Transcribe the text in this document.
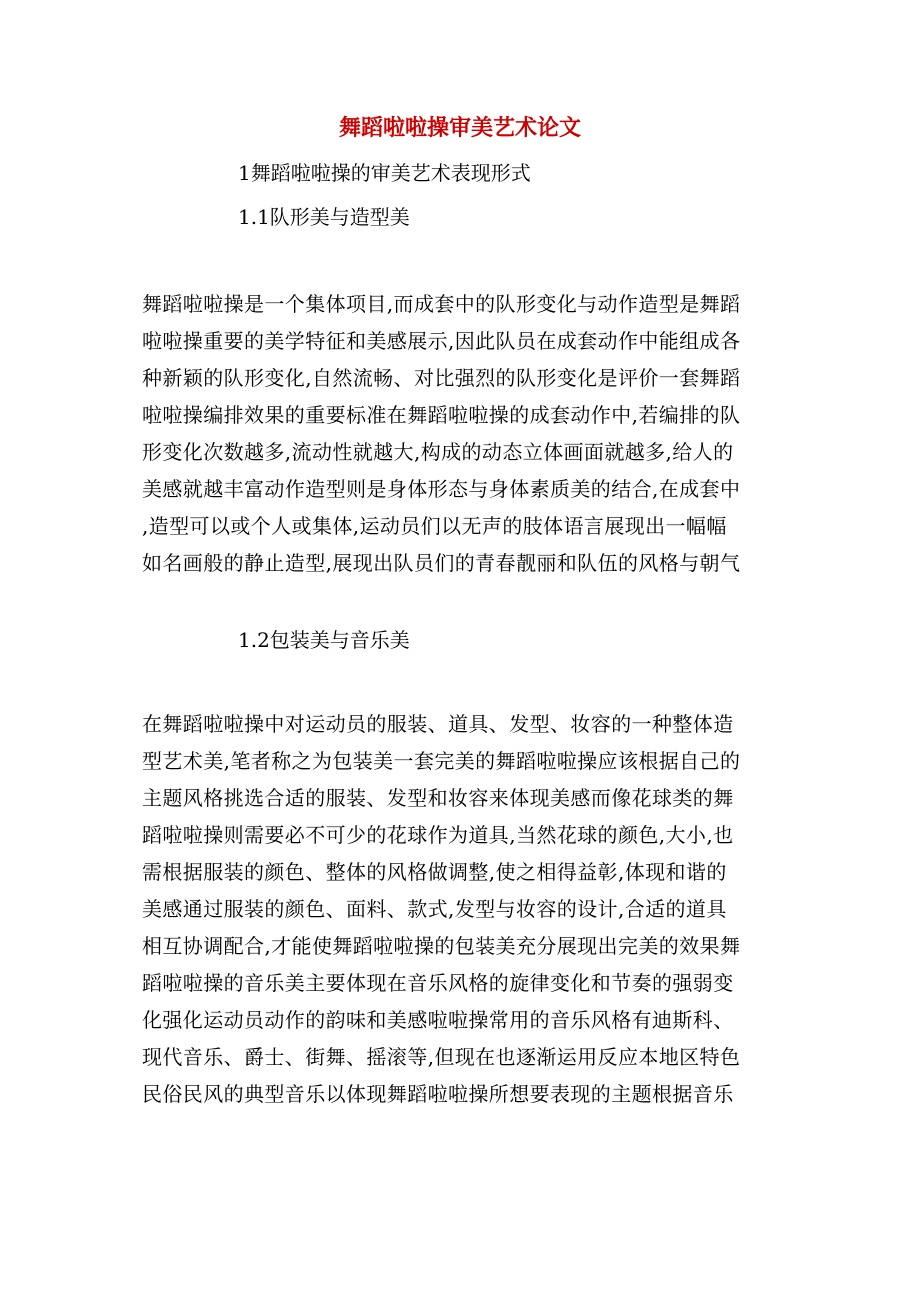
舞蹈啦啦操审美艺术论文

1舞蹈啦啦操的审美艺术表现形式

1.1队形美与造型美

舞蹈啦啦操是一个集体项目,而成套中的队形变化与动作造型是舞蹈
啦啦操重要的美学特征和美感展示,因此队员在成套动作中能组成各
种新颖的队形变化,自然流畅、对比强烈的队形变化是评价一套舞蹈
啦啦操编排效果的重要标准在舞蹈啦啦操的成套动作中,若编排的队
形变化次数越多,流动性就越大,构成的动态立体画面就越多,给人的
美感就越丰富动作造型则是身体形态与身体素质美的结合,在成套中
,造型可以或个人或集体,运动员们以无声的肢体语言展现出一幅幅
如名画般的静止造型,展现出队员们的青春靓丽和队伍的风格与朝气

1.2包装美与音乐美

在舞蹈啦啦操中对运动员的服装、道具、发型、妆容的一种整体造
型艺术美,笔者称之为包装美一套完美的舞蹈啦啦操应该根据自己的
主题风格挑选合适的服装、发型和妆容来体现美感而像花球类的舞
蹈啦啦操则需要必不可少的花球作为道具,当然花球的颜色,大小,也
需根据服装的颜色、整体的风格做调整,使之相得益彰,体现和谐的
美感通过服装的颜色、面料、款式,发型与妆容的设计,合适的道具
相互协调配合,才能使舞蹈啦啦操的包装美充分展现出完美的效果舞
蹈啦啦操的音乐美主要体现在音乐风格的旋律变化和节奏的强弱变
化强化运动员动作的韵味和美感啦啦操常用的音乐风格有迪斯科、
现代音乐、爵士、街舞、摇滚等,但现在也逐渐运用反应本地区特色
民俗民风的典型音乐以体现舞蹈啦啦操所想要表现的主题根据音乐
